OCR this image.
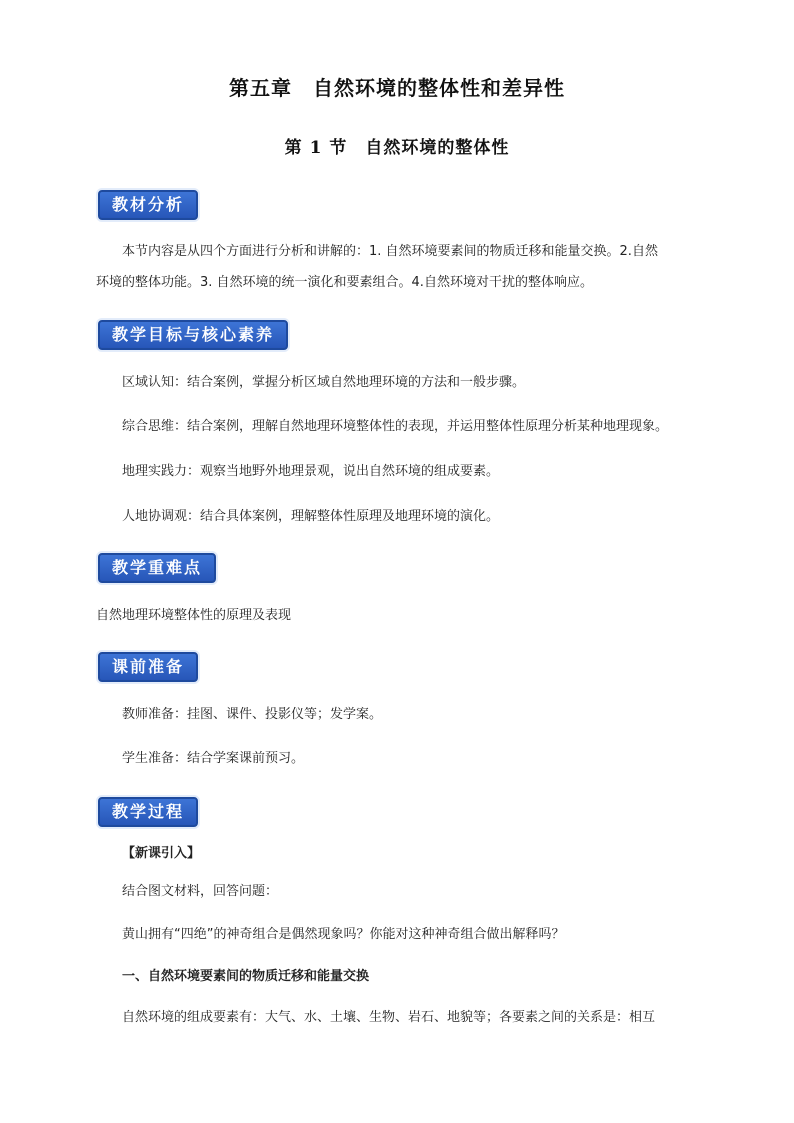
第五章　自然环境的整体性和差异性
第 1 节　自然环境的整体性
教材分析
本节内容是从四个方面进行分析和讲解的：1. 自然环境要素间的物质迁移和能量交换。2.自然
环境的整体功能。3. 自然环境的统一演化和要素组合。4.自然环境对干扰的整体响应。
教学目标与核心素养
区域认知：结合案例，掌握分析区域自然地理环境的方法和一般步骤。
综合思维：结合案例，理解自然地理环境整体性的表现，并运用整体性原理分析某种地理现象。
地理实践力：观察当地野外地理景观，说出自然环境的组成要素。
人地协调观：结合具体案例，理解整体性原理及地理环境的演化。
教学重难点
自然地理环境整体性的原理及表现
课前准备
教师准备：挂图、课件、投影仪等；发学案。
学生准备：结合学案课前预习。
教学过程
【新课引入】
结合图文材料，回答问题：
黄山拥有“四绝”的神奇组合是偶然现象吗？你能对这种神奇组合做出解释吗？
一、自然环境要素间的物质迁移和能量交换
自然环境的组成要素有：大气、水、土壤、生物、岩石、地貌等；各要素之间的关系是：相互
